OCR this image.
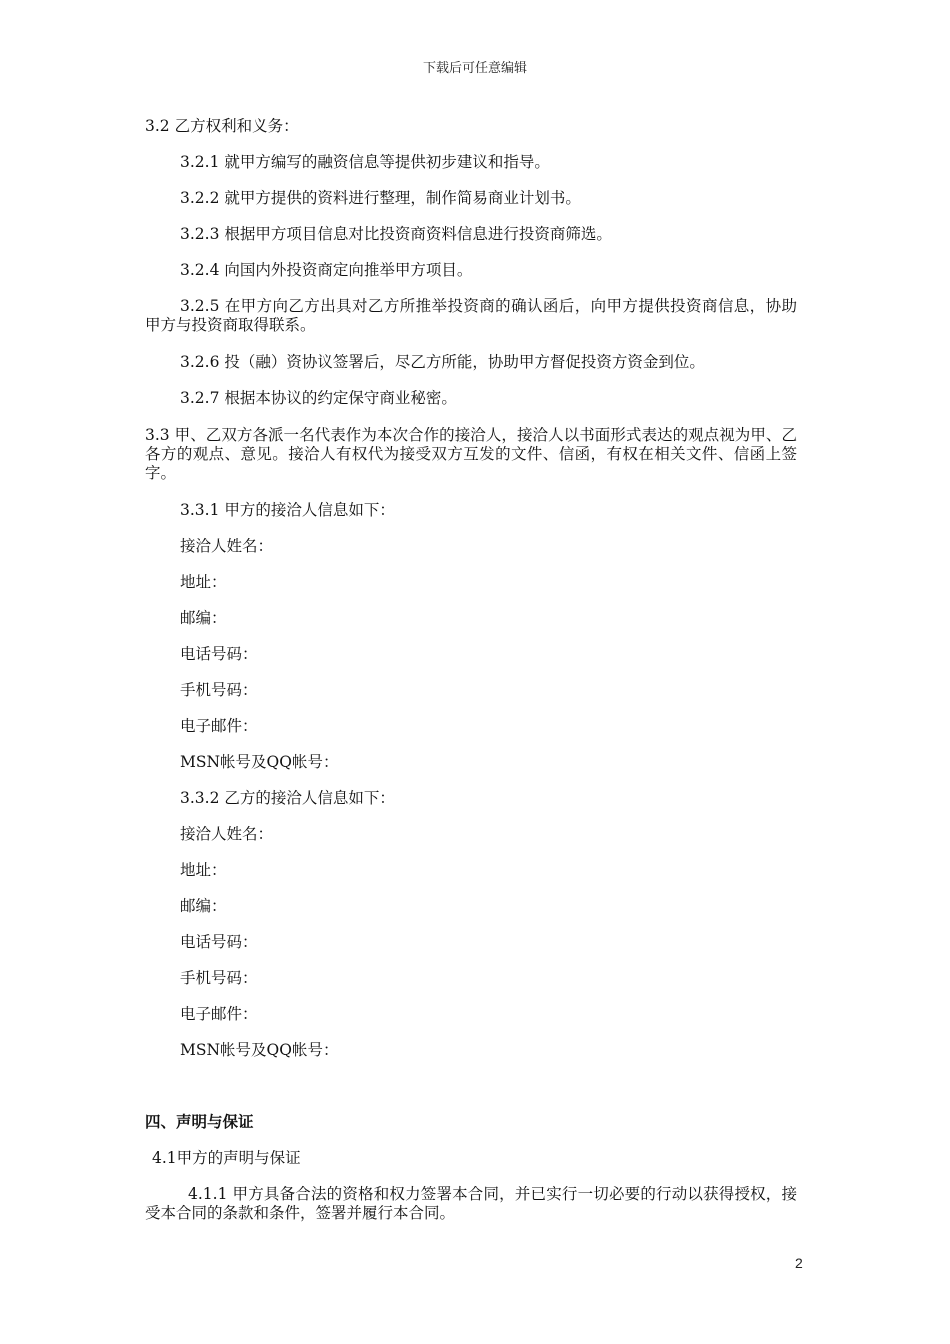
下载后可任意编辑
3.2 乙方权利和义务：
3.2.1 就甲方编写的融资信息等提供初步建议和指导。
3.2.2 就甲方提供的资料进行整理，制作简易商业计划书。
3.2.3 根据甲方项目信息对比投资商资料信息进行投资商筛选。
3.2.4 向国内外投资商定向推举甲方项目。
3.2.5 在甲方向乙方出具对乙方所推举投资商的确认函后，向甲方提供投资商信息，协助甲方与投资商取得联系。
3.2.6 投（融）资协议签署后，尽乙方所能，协助甲方督促投资方资金到位。
3.2.7 根据本协议的约定保守商业秘密。
3.3 甲、乙双方各派一名代表作为本次合作的接洽人，接洽人以书面形式表达的观点视为甲、乙各方的观点、意见。接洽人有权代为接受双方互发的文件、信函，有权在相关文件、信函上签字。
3.3.1 甲方的接洽人信息如下：
接洽人姓名：
地址：
邮编：
电话号码：
手机号码：
电子邮件：
MSN帐号及QQ帐号：
3.3.2 乙方的接洽人信息如下：
接洽人姓名：
地址：
邮编：
电话号码：
手机号码：
电子邮件：
MSN帐号及QQ帐号：
四、声明与保证
4.1甲方的声明与保证
4.1.1 甲方具备合法的资格和权力签署本合同，并已实行一切必要的行动以获得授权，接受本合同的条款和条件，签署并履行本合同。
2
